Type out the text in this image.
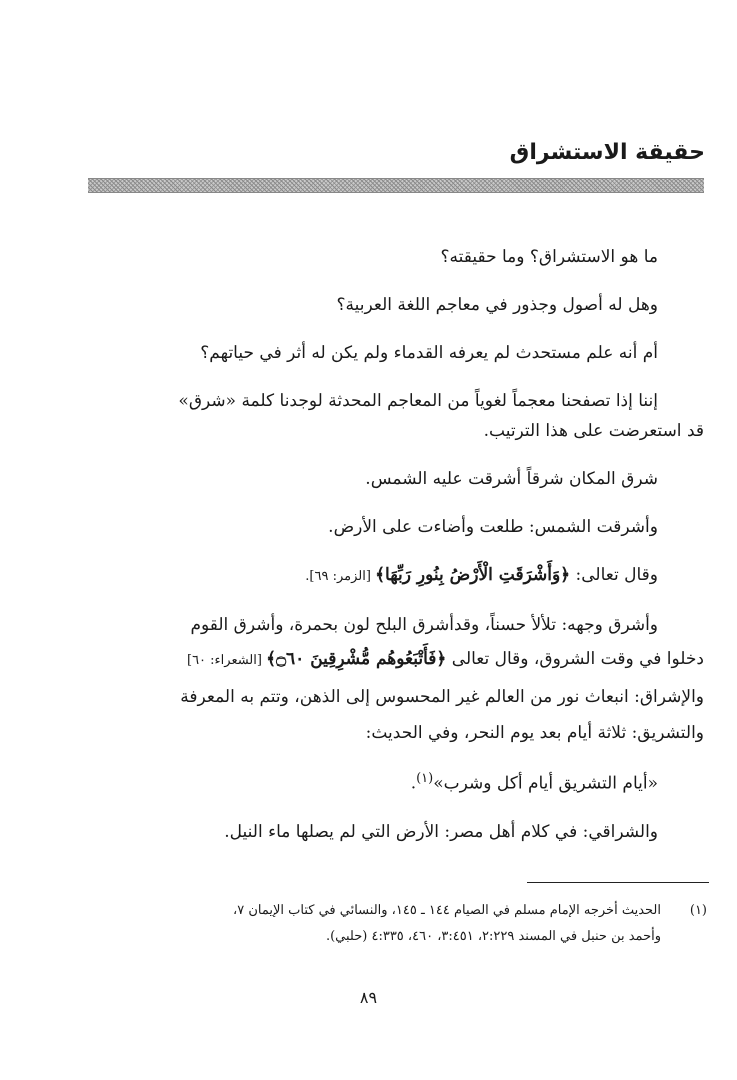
حقيقة الاستشراق

ما هو الاستشراق؟ وما حقيقته؟

وهل له أصول وجذور في معاجم اللغة العربية؟

أم أنه علم مستحدث لم يعرفه القدماء ولم يكن له أثر في حياتهم؟

إننا إذا تصفحنا معجماً لغوياً من المعاجم المحدثة لوجدنا كلمة «شرق»

قد استعرضت على هذا الترتيب.

شرق المكان شرقاً أشرقت عليه الشمس.

وأشرقت الشمس: طلعت وأضاءت على الأرض.

وقال تعالى: ﴿وَأَشْرَقَتِ الْأَرْضُ بِنُورِ رَبِّهَا﴾ [الزمر: ٦٩].

وأشرق وجهه: تلألأ حسناً، وقدأشرق البلح لون بحمرة، وأشرق القوم

دخلوا في وقت الشروق، وقال تعالى ﴿فَأَتْبَعُوهُم مُّشْرِقِينَ ۝٦٠﴾ [الشعراء: ٦٠]

والإشراق: انبعاث نور من العالم غير المحسوس إلى الذهن، وتتم به المعرفة

والتشريق: ثلاثة أيام بعد يوم النحر، وفي الحديث:

«أيام التشريق أيام أكل وشرب»$^{(١)}$.

والشراقي: في كلام أهل مصر: الأرض التي لم يصلها ماء النيل.

(١)الحديث أخرجه الإمام مسلم في الصيام ١٤٤ ـ ١٤٥، والنسائي في كتاب الإيمان ٧،

وأحمد بن حنبل في المسند ٢:٢٢٩، ٣:٤٥١، ٤٦٠، ٤:٣٣٥ (حلبي).

٨٩
